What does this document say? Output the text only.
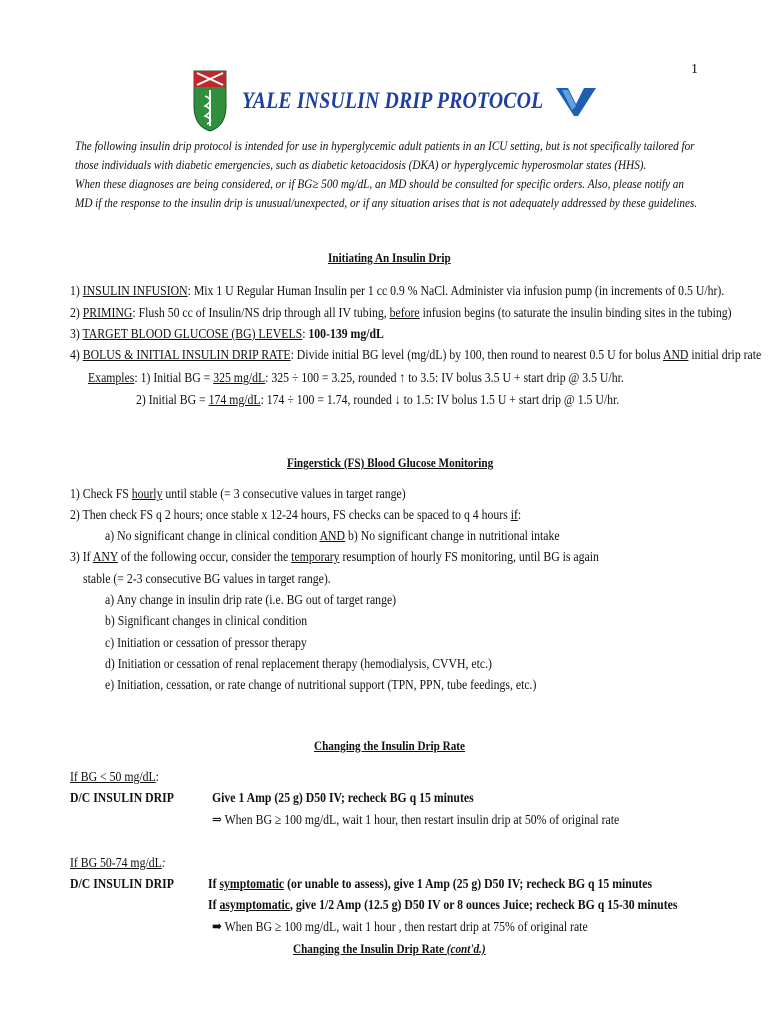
1
YALE INSULIN DRIP PROTOCOL
The following insulin drip protocol is intended for use in hyperglycemic adult patients in an ICU setting, but is not specifically tailored for
those individuals with diabetic emergencies, such as diabetic ketoacidosis (DKA) or hyperglycemic hyperosmolar states (HHS).
When these diagnoses are being considered, or if BG≥ 500 mg/dL, an MD should be consulted for specific orders. Also, please notify an
MD if the response to the insulin drip is unusual/unexpected, or if any situation arises that is not adequately addressed by these guidelines.
Initiating An Insulin Drip
1) INSULIN INFUSION: Mix 1 U Regular Human Insulin per 1 cc 0.9 % NaCl. Administer via infusion pump (in increments of 0.5 U/hr).
2) PRIMING: Flush 50 cc of Insulin/NS drip through all IV tubing, before infusion begins (to saturate the insulin binding sites in the tubing)
3) TARGET BLOOD GLUCOSE (BG) LEVELS: 100-139 mg/dL
4) BOLUS & INITIAL INSULIN DRIP RATE: Divide initial BG level (mg/dL) by 100, then round to nearest 0.5 U for bolus AND initial drip rate
Examples: 1) Initial BG = 325 mg/dL: 325 ÷ 100 = 3.25, rounded ↑ to 3.5: IV bolus 3.5 U + start drip @ 3.5 U/hr.
2) Initial BG = 174 mg/dL: 174 ÷ 100 = 1.74, rounded ↓ to 1.5: IV bolus 1.5 U + start drip @ 1.5 U/hr.
Fingerstick (FS) Blood Glucose Monitoring
1) Check FS hourly until stable (= 3 consecutive values in target range)
2) Then check FS q 2 hours; once stable x 12-24 hours, FS checks can be spaced to q 4 hours if:
a) No significant change in clinical condition AND b) No significant change in nutritional intake
3) If ANY of the following occur, consider the temporary resumption of hourly FS monitoring, until BG is again
stable (= 2-3 consecutive BG values in target range).
a) Any change in insulin drip rate (i.e. BG out of target range)
b) Significant changes in clinical condition
c) Initiation or cessation of pressor therapy
d) Initiation or cessation of renal replacement therapy (hemodialysis, CVVH, etc.)
e) Initiation, cessation, or rate change of nutritional support (TPN, PPN, tube feedings, etc.)
Changing the Insulin Drip Rate
If BG < 50 mg/dL:
D/C INSULIN DRIP	Give 1 Amp (25 g) D50 IV; recheck BG q 15 minutes
⇒ When BG ≥ 100 mg/dL, wait 1 hour, then restart insulin drip at 50% of original rate
If BG 50-74 mg/dL:
D/C INSULIN DRIP If symptomatic (or unable to assess), give 1 Amp (25 g) D50 IV; recheck BG q 15 minutes
If asymptomatic, give 1/2 Amp (12.5 g) D50 IV or 8 ounces Juice; recheck BG q 15-30 minutes
➡ When BG ≥ 100 mg/dL, wait 1 hour , then restart drip at 75% of original rate
Changing the Insulin Drip Rate (cont'd.)
